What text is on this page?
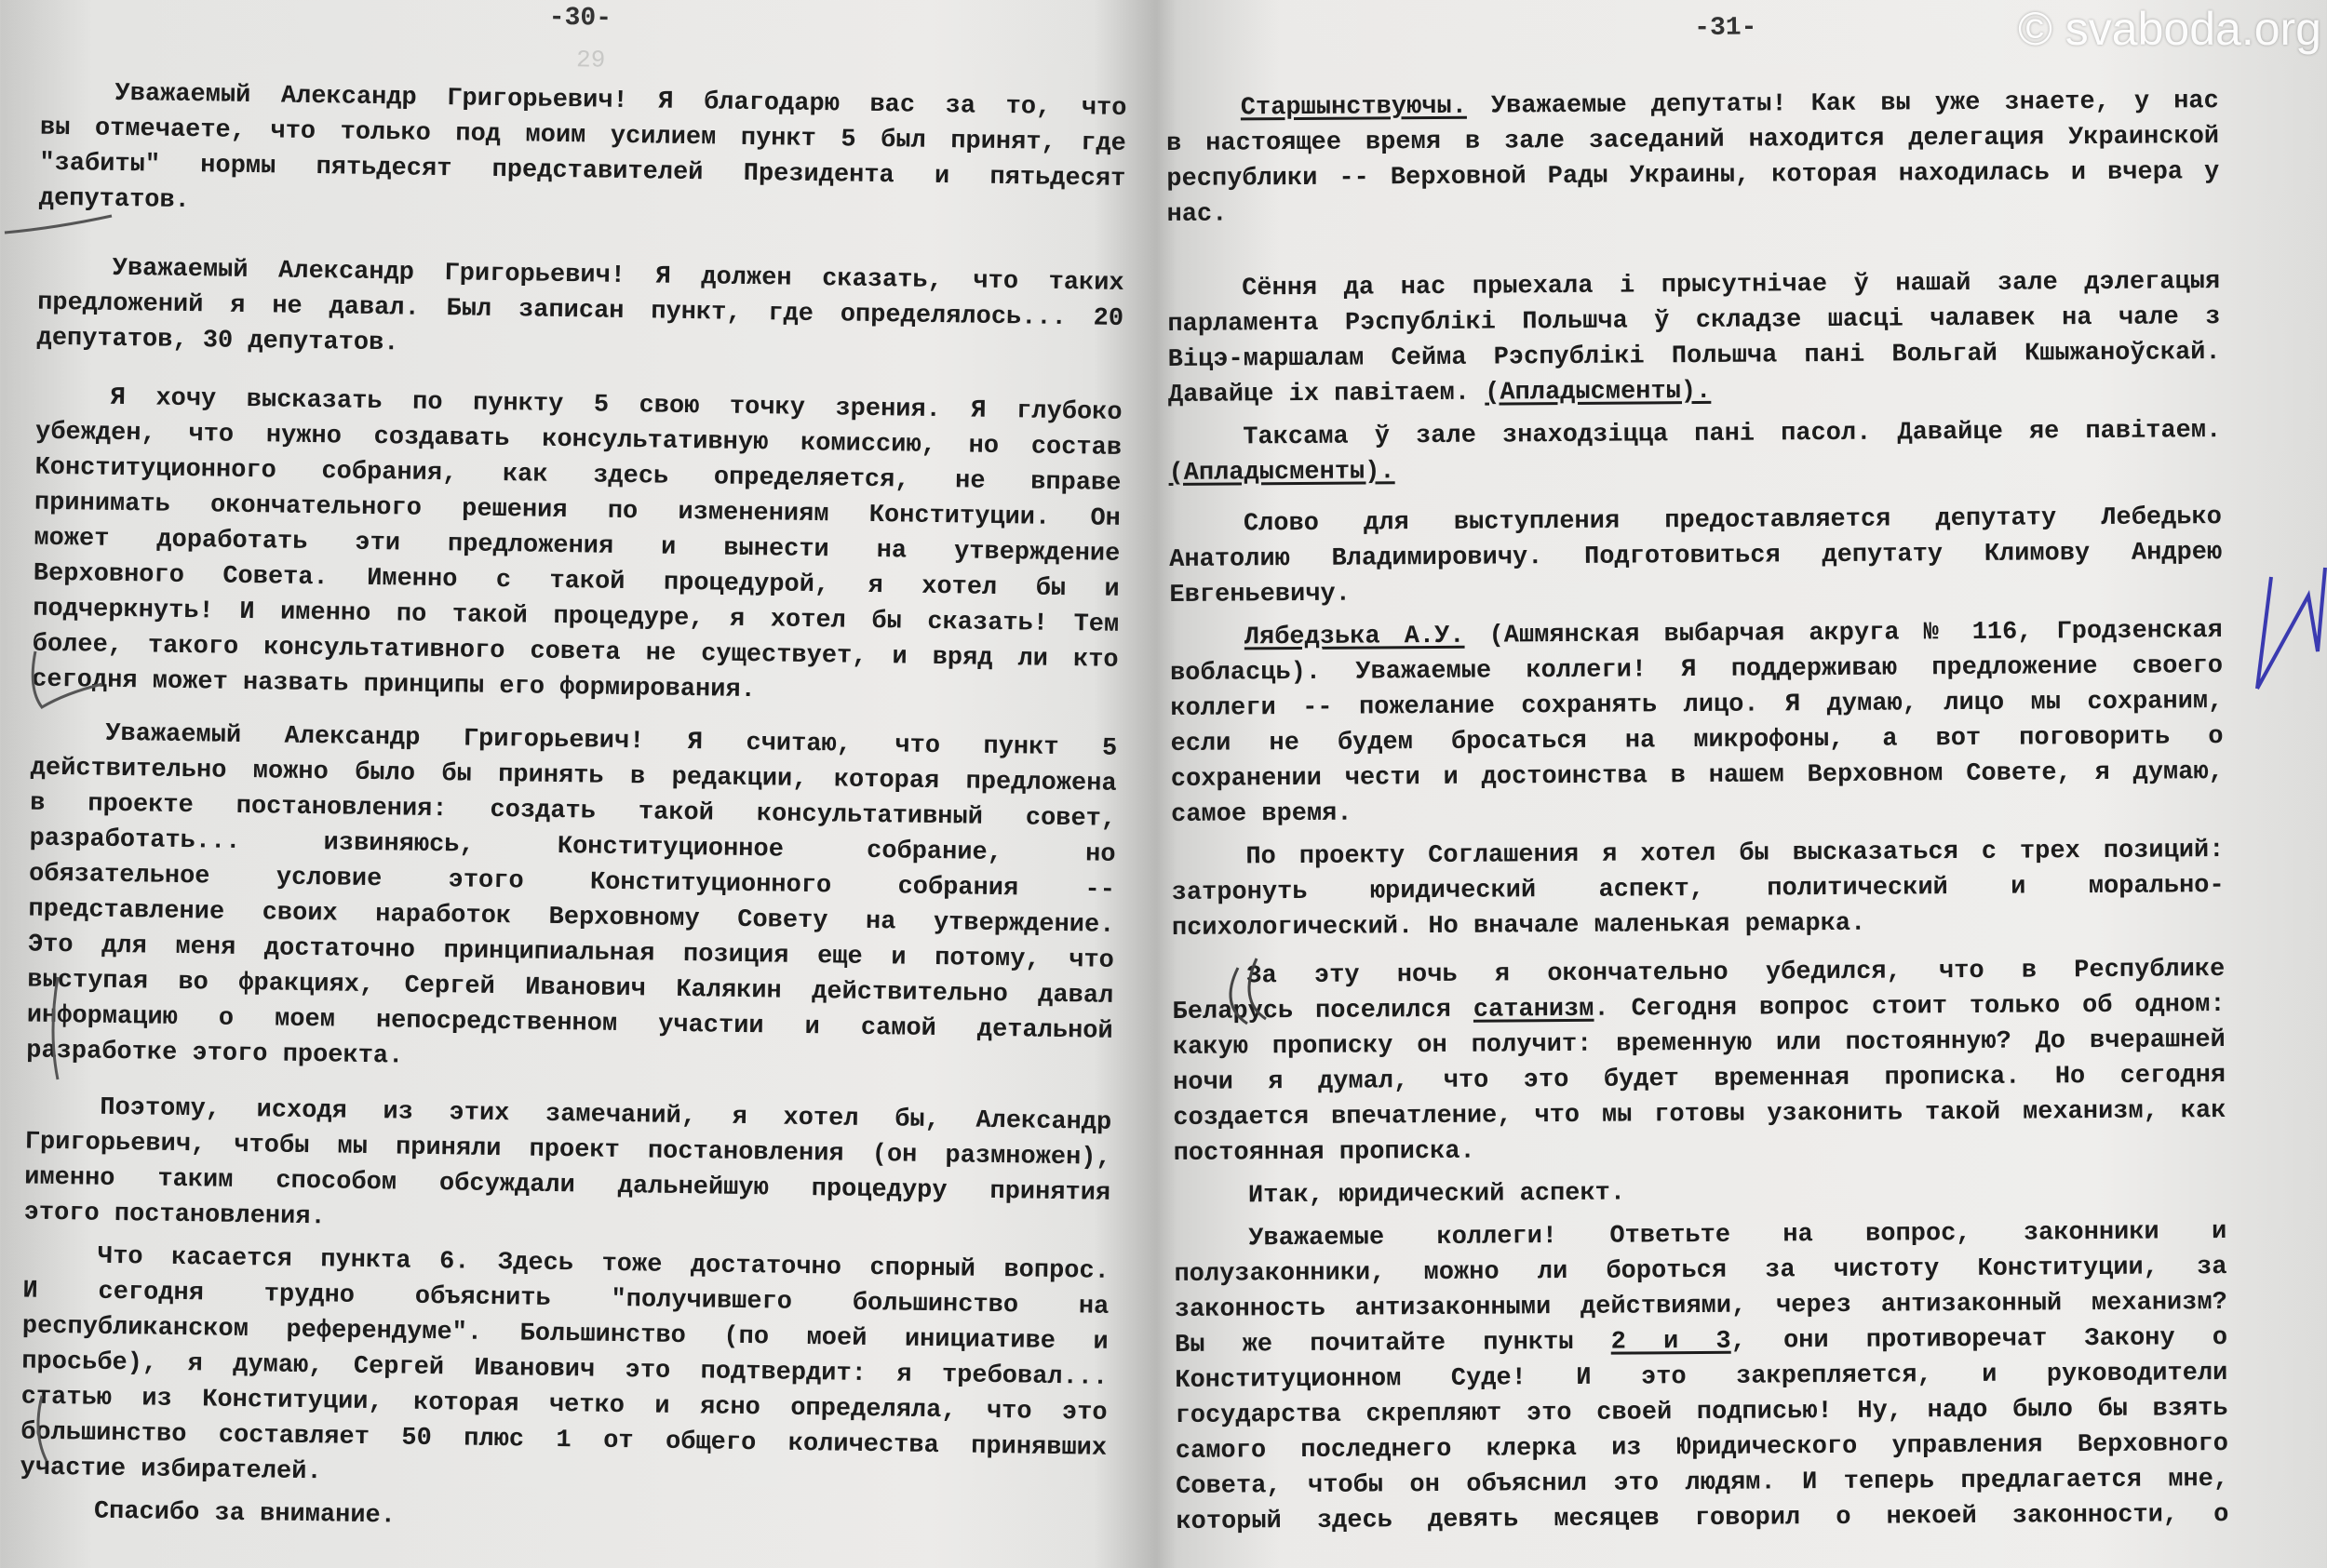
-30-
29
Уважаемый Александр Григорьевич! Я благодарю вас за то, что
вы отмечаете, что только под моим усилием пункт 5 был принят, где
"забиты" нормы пятьдесят представителей Президента и пятьдесят
депутатов.
Уважаемый Александр Григорьевич! Я должен сказать, что таких
предложений я не давал. Был записан пункт, где определялось... 20
депутатов, 30 депутатов.
Я хочу высказать по пункту 5 свою точку зрения. Я глубоко
убежден, что нужно создавать консультативную комиссию, но состав
Конституционного собрания, как здесь определяется, не вправе
принимать окончательного решения по изменениям Конституции. Он
может доработать эти предложения и вынести на утверждение
Верховного Совета. Именно с такой процедурой, я хотел бы и
подчеркнуть! И именно по такой процедуре, я хотел бы сказать! Тем
более, такого консультативного совета не существует, и вряд ли кто
сегодня может назвать принципы его формирования.
Уважаемый Александр Григорьевич! Я считаю, что пункт 5
действительно можно было бы принять в редакции, которая предложена
в проекте постановления: создать такой консультативный совет,
разработать... извиняюсь, Конституционное собрание, но
обязательное условие этого Конституционного собрания --
представление своих наработок Верховному Совету на утверждение.
Это для меня достаточно принципиальная позиция еще и потому, что
выступая во фракциях, Сергей Иванович Калякин действительно давал
информацию о моем непосредственном участии и самой детальной
разработке этого проекта.
Поэтому, исходя из этих замечаний, я хотел бы, Александр
Григорьевич, чтобы мы приняли проект постановления (он размножен),
именно таким способом обсуждали дальнейшую процедуру принятия
этого постановления.
Что касается пункта 6. Здесь тоже достаточно спорный вопрос.
И сегодня трудно объяснить "получившего большинство на
республиканском референдуме". Большинство (по моей инициативе и
просьбе), я думаю, Сергей Иванович это подтвердит: я требовал...
статью из Конституции, которая четко и ясно определяла, что это
большинство составляет 50 плюс 1 от общего количества принявших
участие избирателей.
Спасибо за внимание.
-31-
Старшынствуючы. Уважаемые депутаты! Как вы уже знаете, у нас
в настоящее время в зале заседаний находится делегация Украинской
республики -- Верховной Рады Украины, которая находилась и вчера у
нас.
Сёння да нас прыехала і прысутнічае ў нашай зале дэлегацыя
парламента Рэспублікі Польшча ў складзе шасці чалавек на чале з
Віцэ-маршалам Сейма Рэспублікі Польшча пані Вольгай Кшыжаноўскай.
Давайце іх павітаем. (Апладысменты).
Таксама ў зале знаходзіцца пані пасол. Давайце яе павітаем.
(Апладысменты).
Слово для выступления предоставляется депутату Лебедько
Анатолию Владимировичу. Подготовиться депутату Климову Андрею
Евгеньевичу.
Лябедзька А.У. (Ашмянская выбарчая акруга № 116, Гродзенская
вобласць). Уважаемые коллеги! Я поддерживаю предложение своего
коллеги -- пожелание сохранять лицо. Я думаю, лицо мы сохраним,
если не будем бросаться на микрофоны, а вот поговорить о
сохранении чести и достоинства в нашем Верховном Совете, я думаю,
самое время.
По проекту Соглашения я хотел бы высказаться с трех позиций:
затронуть юридический аспект, политический и морально-
психологический. Но вначале маленькая ремарка.
За эту ночь я окончательно убедился, что в Республике
Беларусь поселился сатанизм. Сегодня вопрос стоит только об одном:
какую прописку он получит: временную или постоянную? До вчерашней
ночи я думал, что это будет временная прописка. Но сегодня
создается впечатление, что мы готовы узаконить такой механизм, как
постоянная прописка.
Итак, юридический аспект.
Уважаемые коллеги! Ответьте на вопрос, законники и
полузаконники, можно ли бороться за чистоту Конституции, за
законность антизаконными действиями, через антизаконный механизм?
Вы же почитайте пункты 2 и 3, они противоречат Закону о
Конституционном Суде! И это закрепляется, и руководители
государства скрепляют это своей подписью! Ну, надо было бы взять
самого последнего клерка из Юридического управления Верховного
Совета, чтобы он объяснил это людям. И теперь предлагается мне,
который здесь девять месяцев говорил о некоей законности, о
© svaboda.org
